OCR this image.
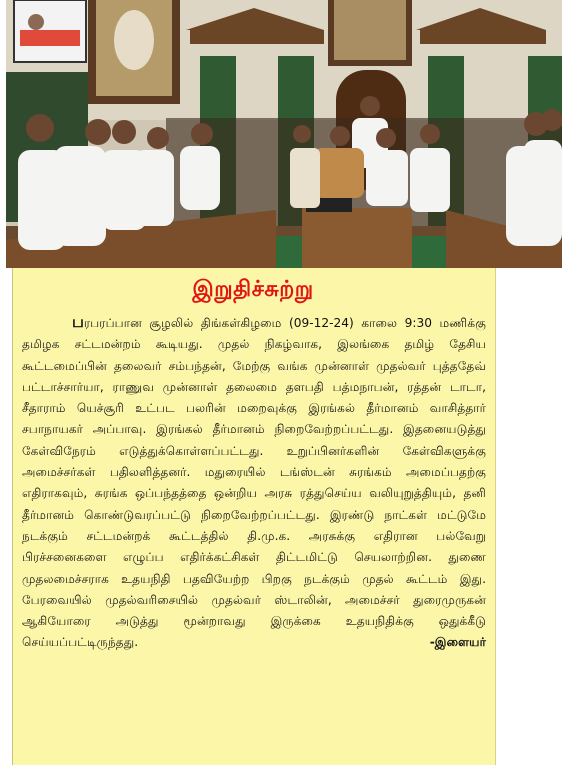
இறுதிச்சுற்று
பரபரப்பான சூழலில் திங்கள்கிழமை (09-12-24) காலை 9:30 மணிக்கு தமிழக சட்டமன்றம் கூடியது. முதல் நிகழ்வாக, இலங்கை தமிழ் தேசிய கூட்டமைப்பின் தலைவர் சம்பந்தன், மேற்கு வங்க முன்னாள் முதல்வர் புத்ததேவ் பட்டாச்சார்யா, ராணுவ முன்னாள் தலைமை தளபதி பத்மநாபன், ரத்தன் டாடா, சீதாராம் யெச்சூரி உட்பட பலரின் மறைவுக்கு இரங்கல் தீர்மானம் வாசித்தார் சபாநாயகர் அப்பாவு. இரங்கல் தீர்மானம் நிறைவேற்றப்பட்டது. இதனையடுத்து கேள்விநேரம் எடுத்துக்கொள்ளப்பட்டது. உறுப்பினர்களின் கேள்விகளுக்கு அமைச்சர்கள் பதிலளித்தனர். மதுரையில் டங்ஸ்டன் சுரங்கம் அமைப்பதற்கு எதிராகவும், சுரங்க ஒப்பந்தத்தை ஒன்றிய அரசு ரத்துசெய்ய வலியுறுத்தியும், தனி தீர்மானம் கொண்டுவரப்பட்டு நிறைவேற்றப்பட்டது. இரண்டு நாட்கள் மட்டுமே நடக்கும் சட்டமன்றக் கூட்டத்தில் தி.மு.க. அரசுக்கு எதிரான பல்வேறு பிரச்சனைகளை எழுப்ப எதிர்க்கட்சிகள் திட்டமிட்டு செயலாற்றின. துணை முதலமைச்சராக உதயநிதி பதவியேற்ற பிறகு நடக்கும் முதல் கூட்டம் இது. பேரவையில் முதல்வரிசையில் முதல்வர் ஸ்டாலின், அமைச்சர் துரைமுருகன் ஆகியோரை அடுத்து மூன்றாவது இருக்கை உதயநிதிக்கு ஒதுக்கீடு செய்யப்பட்டிருந்தது.	-இளையர்
